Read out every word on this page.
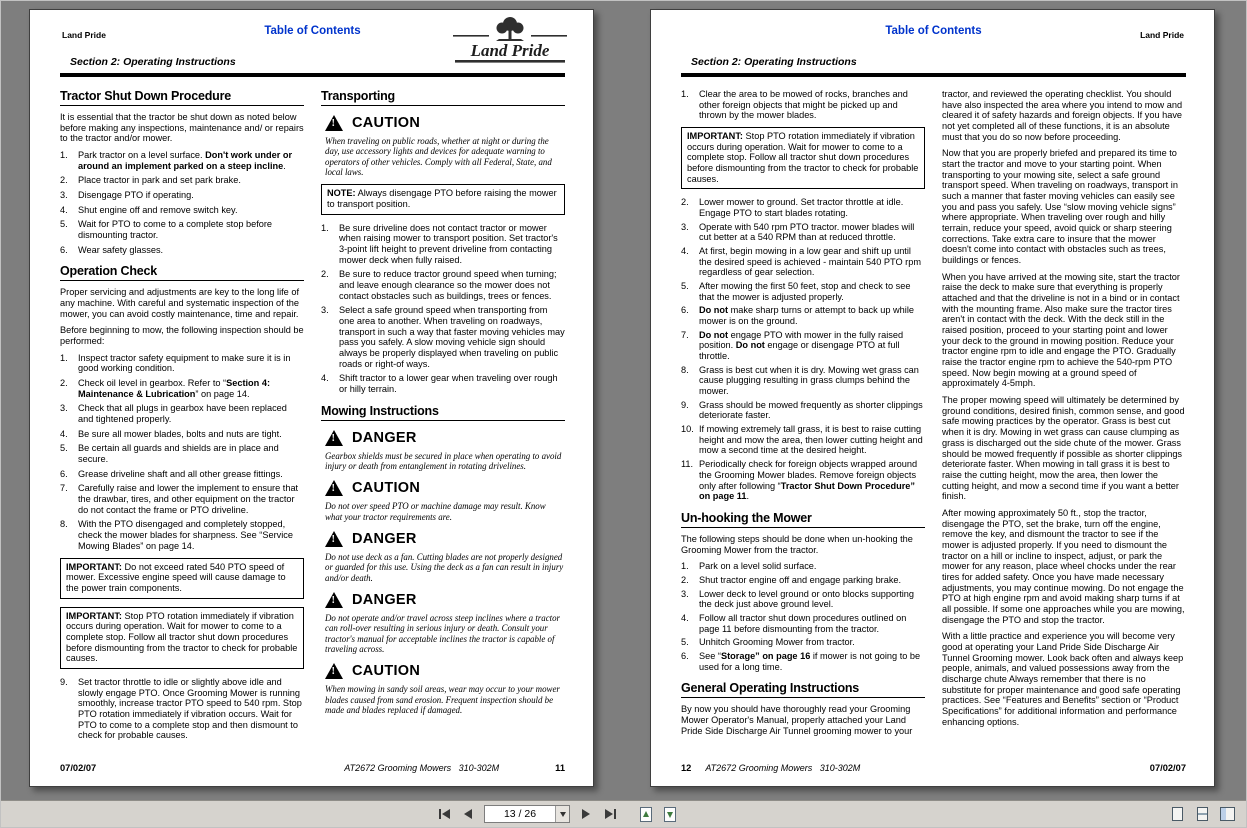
Land Pride	Table of Contents
Land Pride
Section 2: Operating Instructions
Tractor Shut Down Procedure

It is essential that the tractor be shut down as noted below before making any inspections, maintenance and/ or repairs to the tractor and/or mower.

1.	Park tractor on a level surface. Don't work under or around an implement parked on a steep incline.
2.	Place tractor in park and set park brake.
3.	Disengage PTO if operating.
4.	Shut engine off and remove switch key.
5.	Wait for PTO to come to a complete stop before dismounting tractor.
6.	Wear safety glasses.
Operation Check

Proper servicing and adjustments are key to the long life of any machine. With careful and systematic inspection of the mower, you can avoid costly maintenance, time and repair.

Before beginning to mow, the following inspection should be performed:

1.	Inspect tractor safety equipment to make sure it is in good working condition.
2.	Check oil level in gearbox. Refer to “Section 4: Maintenance & Lubrication” on page 14.
3.	Check that all plugs in gearbox have been replaced and tightened properly.
4.	Be sure all mower blades, bolts and nuts are tight.
5.	Be certain all guards and shields are in place and secure.
6.	Grease driveline shaft and all other grease fittings.
7.	Carefully raise and lower the implement to ensure that the drawbar, tires, and other equipment on the tractor do not contact the frame or PTO driveline.
8.	With the PTO disengaged and completely stopped, check the mower blades for sharpness. See “Service Mowing Blades” on page 14.
IMPORTANT: Do not exceed rated 540 PTO speed of mower. Excessive engine speed will cause damage to the power train components.
IMPORTANT: Stop PTO rotation immediately if vibration occurs during operation. Wait for mower to come to a complete stop. Follow all tractor shut down procedures before dismounting from the tractor to check for probable causes.
9.	Set tractor throttle to idle or slightly above idle and slowly engage PTO. Once Grooming Mower is running smoothly, increase tractor PTO speed to 540 rpm. Stop PTO rotation immediately if vibration occurs. Wait for PTO to come to a complete stop and then dismount to check for probable causes.
Transporting
!
CAUTION
When traveling on public roads, whether at night or during the day, use accessory lights and devices for adequate warning to operators of other vehicles. Comply with all Federal, State, and local laws.
NOTE: Always disengage PTO before raising the mower to transport position.
1.	Be sure driveline does not contact tractor or mower when raising mower to transport position. Set tractor's 3-point lift height to prevent driveline from contacting mower deck when fully raised.
2.	Be sure to reduce tractor ground speed when turning; and leave enough clearance so the mower does not contact obstacles such as buildings, trees or fences.
3.	Select a safe ground speed when transporting from one area to another. When traveling on roadways, transport in such a way that faster moving vehicles may pass you safely. A slow moving vehicle sign should always be properly displayed when traveling on public roads or right-of ways.
4.	Shift tractor to a lower gear when traveling over rough or hilly terrain.
Mowing Instructions
!
DANGER
Gearbox shields must be secured in place when operating to avoid injury or death from entanglement in rotating drivelines.
!
CAUTION
Do not over speed PTO or machine damage may result. Know what your tractor requirements are.
!
DANGER
Do not use deck as a fan. Cutting blades are not properly designed or guarded for this use. Using the deck as a fan can result in injury and/or death.
!
DANGER
Do not operate and/or travel across steep inclines where a tractor can roll-over resulting in serious injury or death. Consult your tractor's manual for acceptable inclines the tractor is capable of traveling across.
!
CAUTION
When mowing in sandy soil areas, wear may occur to your mower blades caused from sand erosion. Frequent inspection should be made and blades replaced if damaged.
07/02/07	AT2672 Grooming Mowers   310-302M	11
Land Pride
Table of Contents
Section 2: Operating Instructions
1.	Clear the area to be mowed of rocks, branches and other foreign objects that might be picked up and thrown by the mower blades.
IMPORTANT: Stop PTO rotation immediately if vibration occurs during operation. Wait for mower to come to a complete stop. Follow all tractor shut down procedures before dismounting from the tractor to check for probable causes.
2.	Lower mower to ground. Set tractor throttle at idle. Engage PTO to start blades rotating.
3.	Operate with 540 rpm PTO tractor. mower blades will cut better at a 540 RPM than at reduced throttle.
4.	At first, begin mowing in a low gear and shift up until the desired speed is achieved - maintain 540 PTO rpm regardless of gear selection.
5.	After mowing the first 50 feet, stop and check to see that the mower is adjusted properly.
6.	Do not make sharp turns or attempt to back up while mower is on the ground.
7.	Do not engage PTO with mower in the fully raised position. Do not engage or disengage PTO at full throttle.
8.	Grass is best cut when it is dry. Mowing wet grass can cause plugging resulting in grass clumps behind the mower.
9.	Grass should be mowed frequently as shorter clippings deteriorate faster.
10. If mowing extremely tall grass, it is best to raise cutting height and mow the area, then lower cutting height and mow a second time at the desired height.
11. Periodically check for foreign objects wrapped around the Grooming Mower blades. Remove foreign objects only after following “Tractor Shut Down Procedure” on page 11.
Un-hooking the Mower

The following steps should be done when un-hooking the Grooming Mower from the tractor.

1.	Park on a level solid surface.
2.	Shut tractor engine off and engage parking brake.
3.	Lower deck to level ground or onto blocks supporting the deck just above ground level.
4.	Follow all tractor shut down procedures outlined on page 11 before dismounting from the tractor.
5.	Unhitch Grooming Mower from tractor.
6.	See “Storage” on page 16 if mower is not going to be used for a long time.
General Operating Instructions

By now you should have thoroughly read your Grooming Mower Operator's Manual, properly attached your Land Pride Side Discharge Air Tunnel grooming mower to your

tractor, and reviewed the operating checklist. You should have also inspected the area where you intend to mow and cleared it of safety hazards and foreign objects. If you have not yet completed all of these functions, it is an absolute must that you do so now before proceeding.

Now that you are properly briefed and prepared its time to start the tractor and move to your starting point. When transporting to your mowing site, select a safe ground transport speed. When traveling on roadways, transport in such a manner that faster moving vehicles can easily see you and pass you safely. Use “slow moving vehicle signs” where appropriate. When traveling over rough and hilly terrain, reduce your speed, avoid quick or sharp steering corrections. Take extra care to insure that the mower doesn't come into contact with obstacles such as trees, buildings or fences.

When you have arrived at the mowing site, start the tractor raise the deck to make sure that everything is properly attached and that the driveline is not in a bind or in contact with the mounting frame. Also make sure the tractor tires aren't in contact with the deck. With the deck still in the raised position, proceed to your starting point and lower your deck to the ground in mowing position. Reduce your tractor engine rpm to idle and engage the PTO. Gradually raise the tractor engine rpm to achieve the 540-rpm PTO speed. Now begin mowing at a ground speed of approximately 4-5mph.

The proper mowing speed will ultimately be determined by ground conditions, desired finish, common sense, and good safe mowing practices by the operator. Grass is best cut when it is dry. Mowing in wet grass can cause clumping as grass is discharged out the side chute of the mower. Grass should be mowed frequently if possible as shorter clippings deteriorate faster. When mowing in tall grass it is best to raise the cutting height, mow the area, then lower the cutting height, and mow a second time if you want a better finish.

After mowing approximately 50 ft., stop the tractor, disengage the PTO, set the brake, turn off the engine, remove the key, and dismount the tractor to see if the mower is adjusted properly. If you need to dismount the tractor on a hill or incline to inspect, adjust, or park the mower for any reason, place wheel chocks under the rear tires for added safety. Once you have made necessary adjustments, you may continue mowing. Do not engage the PTO at high engine rpm and avoid making sharp turns if at all possible. If some one approaches while you are mowing, disengage the PTO and stop the tractor.

With a little practice and experience you will become very good at operating your Land Pride Side Discharge Air Tunnel Grooming mower. Look back often and always keep people, animals, and valued possessions away from the discharge chute Always remember that there is no substitute for proper maintenance and good safe operating practices. See “Features and Benefits” section or “Product Specifications” for additional information and performance enhancing options.

12 AT2672 Grooming Mowers   310-302M	07/02/07
13 / 26
